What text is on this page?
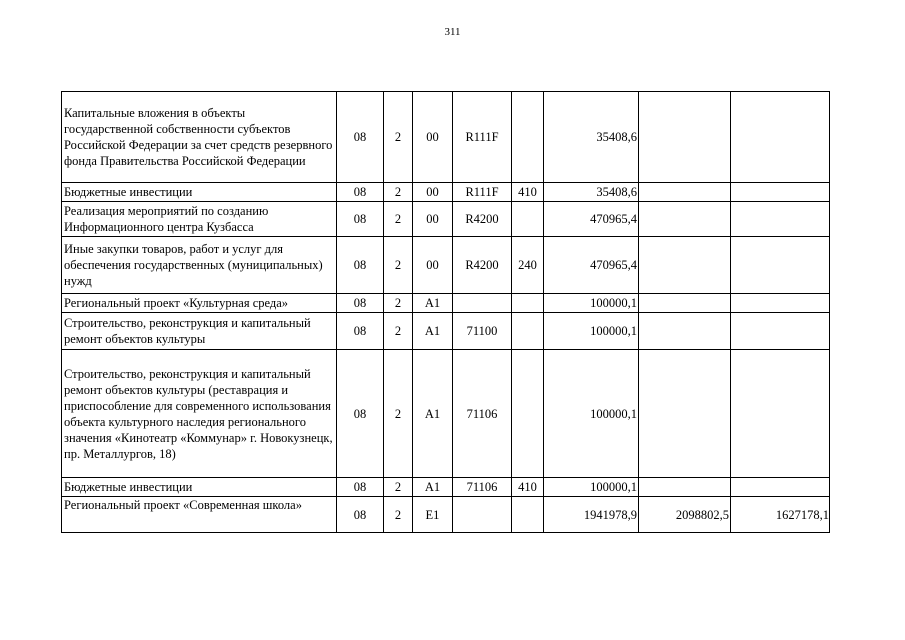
311
Капитальные вложения в объекты государственной собственности субъектов Российской Федерации за счет средств резервного фонда Правительства Российской Федерации	08	2	00	R111F		35408,6		
Бюджетные инвестиции	08	2	00	R111F	410	35408,6		
Реализация мероприятий по созданию Информационного центра Кузбасса	08	2	00	R4200		470965,4		
Иные закупки товаров, работ и услуг для обеспечения государственных (муниципальных) нужд	08	2	00	R4200	240	470965,4		
Региональный проект «Культурная среда»	08	2	А1			100000,1		
Строительство, реконструкция и капитальный ремонт объектов культуры	08	2	А1	71100		100000,1		
Строительство, реконструкция и капитальный ремонт объектов культуры (реставрация и приспособление для современного использования объекта культурного наследия регионального значения «Кинотеатр «Коммунар» г. Новокузнецк, пр. Металлургов, 18)	08	2	А1	71106		100000,1		
Бюджетные инвестиции	08	2	А1	71106	410	100000,1		
Региональный проект «Современная школа»	08	2	Е1			1941978,9	2098802,5	1627178,1
